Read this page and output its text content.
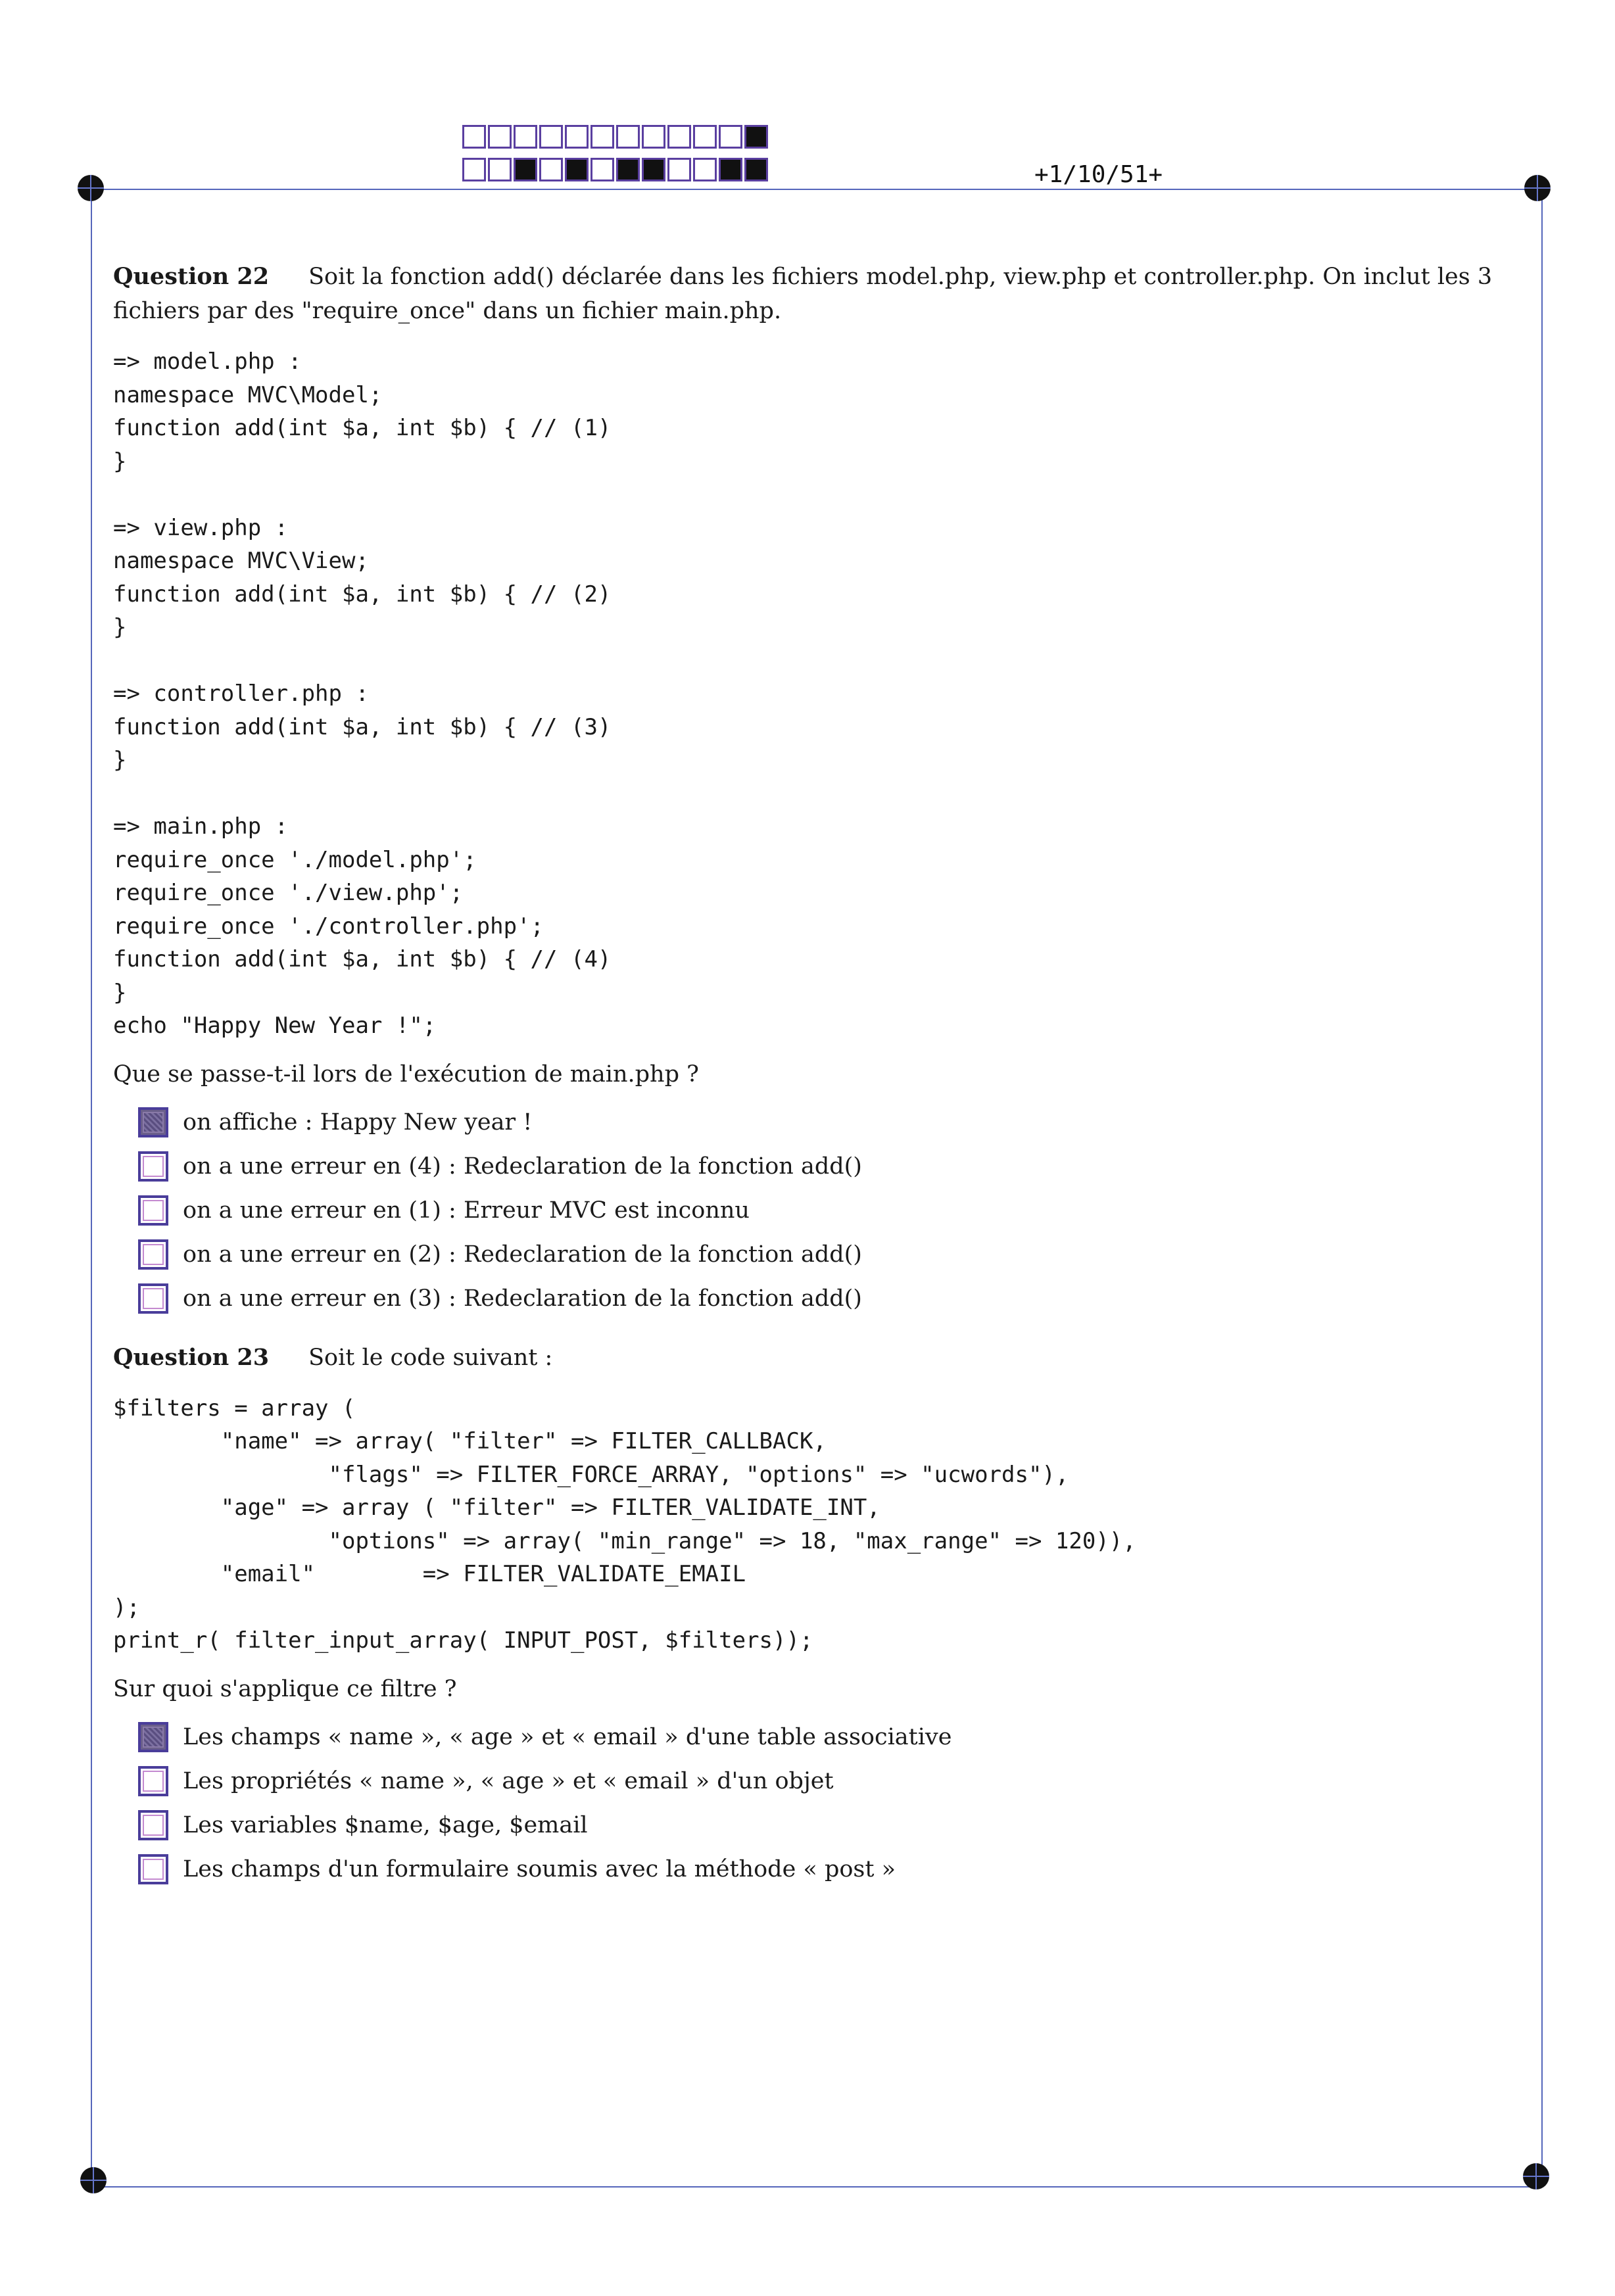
+1/10/51+

Question 22 Soit la fonction add() déclarée dans les fichiers model.php, view.php et controller.php. On inclut les 3 fichiers par des "require_once" dans un fichier main.php.

=> model.php :
namespace MVC\Model;
function add(int $a, int $b) { // (1)
}

=> view.php :
namespace MVC\View;
function add(int $a, int $b) { // (2)
}

=> controller.php :
function add(int $a, int $b) { // (3)
}

=> main.php :
require_once './model.php';
require_once './view.php';
require_once './controller.php';
function add(int $a, int $b) { // (4)
}
echo "Happy New Year !";

Que se passe-t-il lors de l'exécution de main.php ?

on affiche : Happy New year !
on a une erreur en (4) : Redeclaration de la fonction add()
on a une erreur en (1) : Erreur MVC est inconnu
on a une erreur en (2) : Redeclaration de la fonction add()
on a une erreur en (3) : Redeclaration de la fonction add()

Question 23 Soit le code suivant :

$filters = array (
"name" => array( "filter" => FILTER_CALLBACK,
"flags" => FILTER_FORCE_ARRAY, "options" => "ucwords"),
"age" => array ( "filter" => FILTER_VALIDATE_INT,
"options" => array( "min_range" => 18, "max_range" => 120)),
"email"        => FILTER_VALIDATE_EMAIL
);
print_r( filter_input_array( INPUT_POST, $filters));

Sur quoi s'applique ce filtre ?

Les champs « name », « age » et « email » d'une table associative
Les propriétés « name », « age » et « email » d'un objet
Les variables $name, $age, $email
Les champs d'un formulaire soumis avec la méthode « post »
